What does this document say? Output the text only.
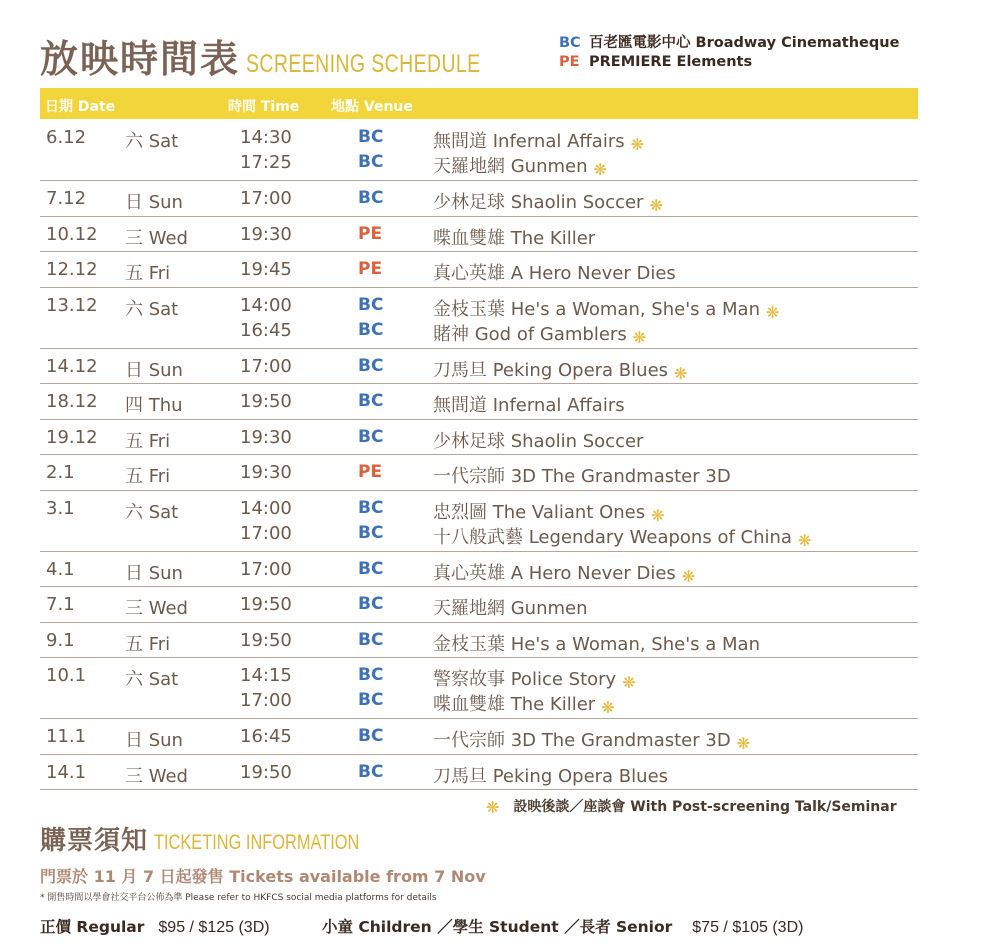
放映時間表 SCREENING SCHEDULE
BC 百老匯電影中心 Broadway Cinematheque
PE PREMIERE Elements
日期 Date	時間 Time 地點 Venue
6.12 六 Sat	14:30	BC	無間道 Infernal Affairs ❋
17:25	BC	天羅地網 Gunmen ❋
7.12 日 Sun	17:00	BC	少林足球 Shaolin Soccer ❋
10.12 三 Wed	19:30	PE	喋血雙雄 The Killer
12.12 五 Fri	19:45	PE	真心英雄 A Hero Never Dies
13.12 六 Sat	14:00	BC	金枝玉葉 He's a Woman, She's a Man ❋
16:45	BC	賭神 God of Gamblers ❋
14.12 日 Sun	17:00	BC	刀馬旦 Peking Opera Blues ❋
18.12 四 Thu	19:50	BC	無間道 Infernal Affairs
19.12 五 Fri	19:30	BC	少林足球 Shaolin Soccer
2.1	五 Fri	19:30	PE	一代宗師 3D The Grandmaster 3D
3.1	六 Sat	14:00	BC	忠烈圖 The Valiant Ones ❋
17:00	BC	十八般武藝 Legendary Weapons of China ❋
4.1	日 Sun	17:00	BC	真心英雄 A Hero Never Dies ❋
7.1	三 Wed	19:50	BC	天羅地網 Gunmen
9.1	五 Fri	19:50	BC	金枝玉葉 He's a Woman, She's a Man
10.1 六 Sat	14:15	BC	警察故事 Police Story ❋
17:00	BC	喋血雙雄 The Killer ❋
11.1 日 Sun	16:45	BC	一代宗師 3D The Grandmaster 3D ❋
14.1 三 Wed	19:50	BC	刀馬旦 Peking Opera Blues
❋ 設映後談／座談會 With Post-screening Talk/Seminar
購票須知 TICKETING INFORMATION
門票於 11 月 7 日起發售 Tickets available from 7 Nov
* 開售時間以學會社交平台公佈為準 Please refer to HKFCS social media platforms for details
正價 Regular $95 / $125 (3D)	小童 Children ／學生 Student ／長者 Senior $75 / $105 (3D)
